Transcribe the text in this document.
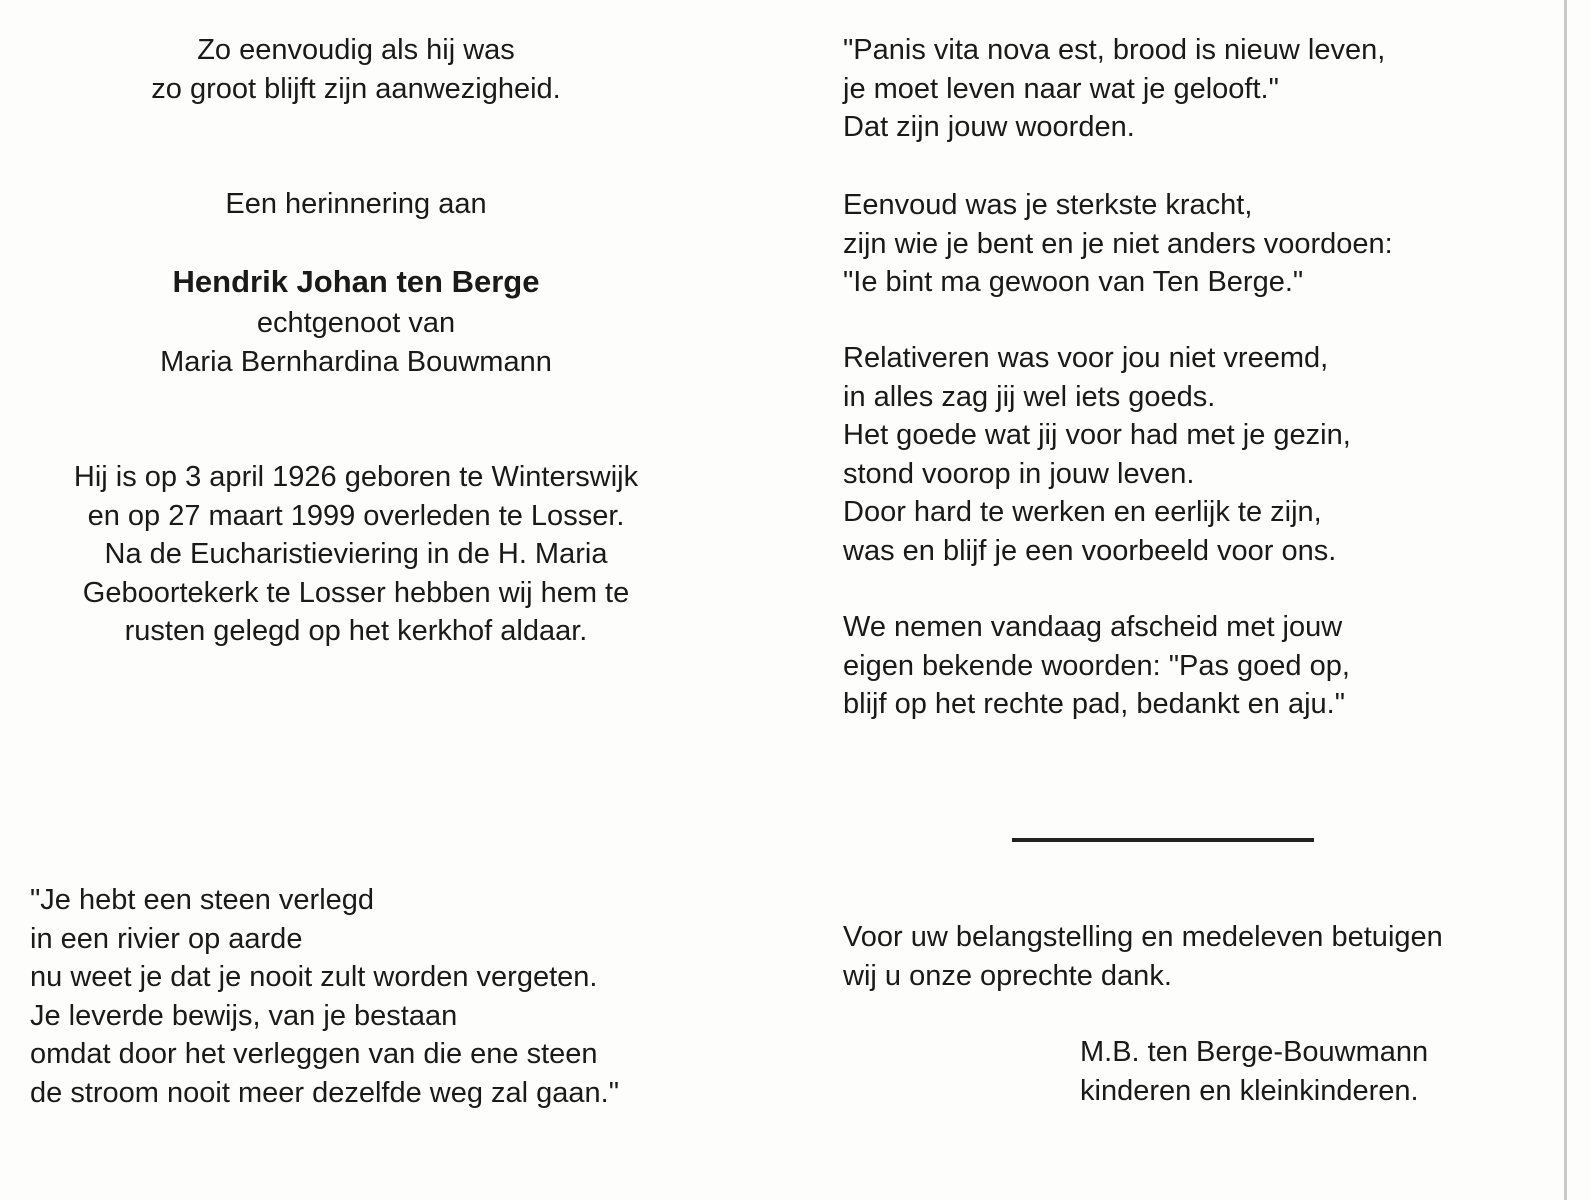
Zo eenvoudig als hij was
zo groot blijft zijn aanwezigheid.
Een herinnering aan
Hendrik Johan ten Berge
echtgenoot van
Maria Bernhardina Bouwmann
Hij is op 3 april 1926 geboren te Winterswijk
en op 27 maart 1999 overleden te Losser.
Na de Eucharistieviering in de H. Maria
Geboortekerk te Losser hebben wij hem te
rusten gelegd op het kerkhof aldaar.
"Je hebt een steen verlegd
in een rivier op aarde
nu weet je dat je nooit zult worden vergeten.
Je leverde bewijs, van je bestaan
omdat door het verleggen van die ene steen
de stroom nooit meer dezelfde weg zal gaan."
"Panis vita nova est, brood is nieuw leven,
je moet leven naar wat je gelooft."
Dat zijn jouw woorden.
Eenvoud was je sterkste kracht,
zijn wie je bent en je niet anders voordoen:
"Ie bint ma gewoon van Ten Berge."
Relativeren was voor jou niet vreemd,
in alles zag jij wel iets goeds.
Het goede wat jij voor had met je gezin,
stond voorop in jouw leven.
Door hard te werken en eerlijk te zijn,
was en blijf je een voorbeeld voor ons.
We nemen vandaag afscheid met jouw
eigen bekende woorden: "Pas goed op,
blijf op het rechte pad, bedankt en aju."
Voor uw belangstelling en medeleven betuigen
wij u onze oprechte dank.
M.B. ten Berge-Bouwmann
kinderen en kleinkinderen.
